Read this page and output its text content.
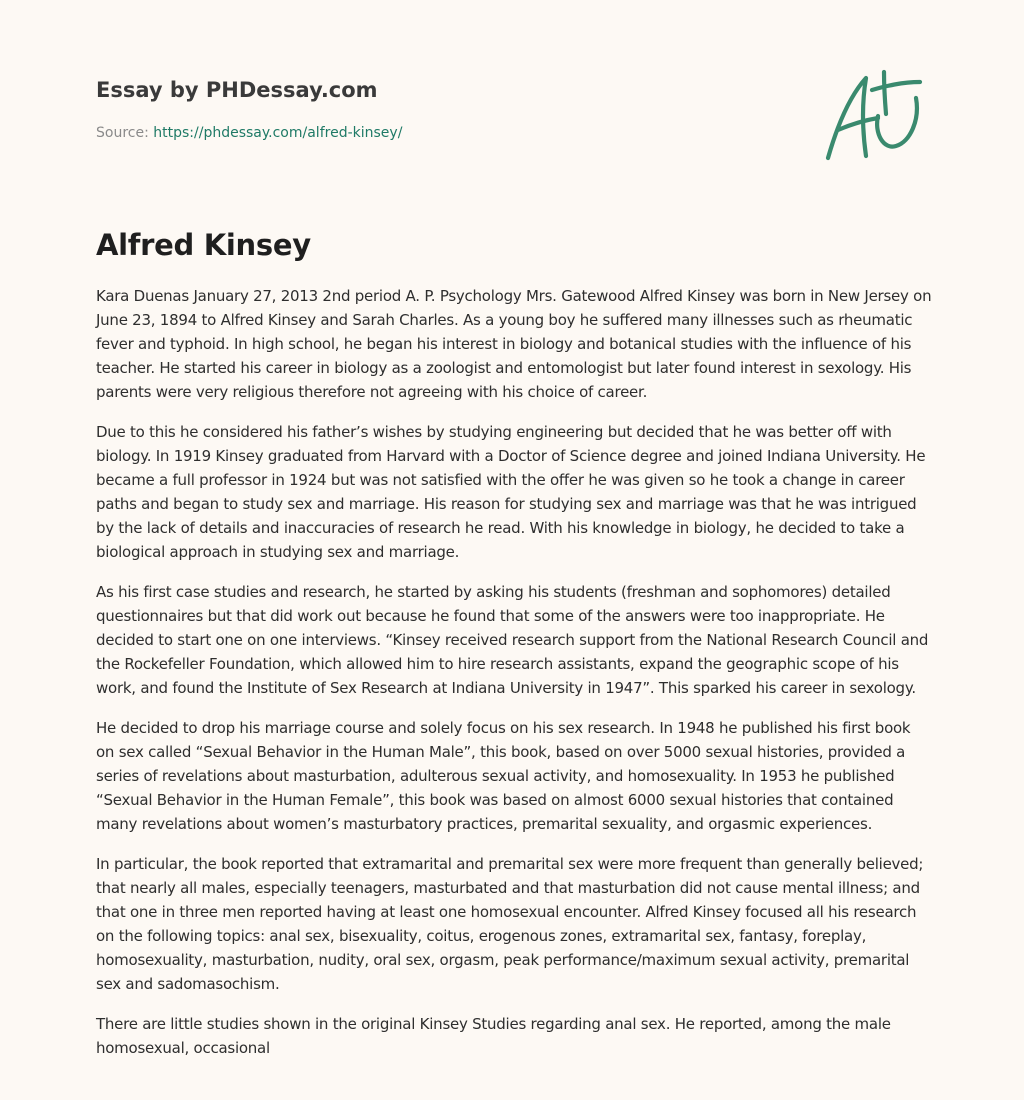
Essay by PHDessay.com
Source: https://phdessay.com/alfred-kinsey/
Alfred Kinsey

Kara Duenas January 27, 2013 2nd period A. P. Psychology Mrs. Gatewood Alfred Kinsey was born in New Jersey on June 23, 1894 to Alfred Kinsey and Sarah Charles. As a young boy he suffered many illnesses such as rheumatic fever and typhoid. In high school, he began his interest in biology and botanical studies with the influence of his teacher. He started his career in biology as a zoologist and entomologist but later found interest in sexology. His parents were very religious therefore not agreeing with his choice of career.

Due to this he considered his father’s wishes by studying engineering but decided that he was better off with biology. In 1919 Kinsey graduated from Harvard with a Doctor of Science degree and joined Indiana University. He became a full professor in 1924 but was not satisfied with the offer he was given so he took a change in career paths and began to study sex and marriage. His reason for studying sex and marriage was that he was intrigued by the lack of details and inaccuracies of research he read. With his knowledge in biology, he decided to take a biological approach in studying sex and marriage.

As his first case studies and research, he started by asking his students (freshman and sophomores) detailed questionnaires but that did work out because he found that some of the answers were too inappropriate. He decided to start one on one interviews. “Kinsey received research support from the National Research Council and the Rockefeller Foundation, which allowed him to hire research assistants, expand the geographic scope of his work, and found the Institute of Sex Research at Indiana University in 1947”. This sparked his career in sexology.

He decided to drop his marriage course and solely focus on his sex research. In 1948 he published his first book on sex called “Sexual Behavior in the Human Male”, this book, based on over 5000 sexual histories, provided a series of revelations about masturbation, adulterous sexual activity, and homosexuality. In 1953 he published “Sexual Behavior in the Human Female”, this book was based on almost 6000 sexual histories that contained many revelations about women’s masturbatory practices, premarital sexuality, and orgasmic experiences.

In particular, the book reported that extramarital and premarital sex were more frequent than generally believed; that nearly all males, especially teenagers, masturbated and that masturbation did not cause mental illness; and that one in three men reported having at least one homosexual encounter. Alfred Kinsey focused all his research on the following topics: anal sex, bisexuality, coitus, erogenous zones, extramarital sex, fantasy, foreplay, homosexuality, masturbation, nudity, oral sex, orgasm, peak performance/maximum sexual activity, premarital sex and sadomasochism.

There are little studies shown in the original Kinsey Studies regarding anal sex. He reported, among the male homosexual, occasional
